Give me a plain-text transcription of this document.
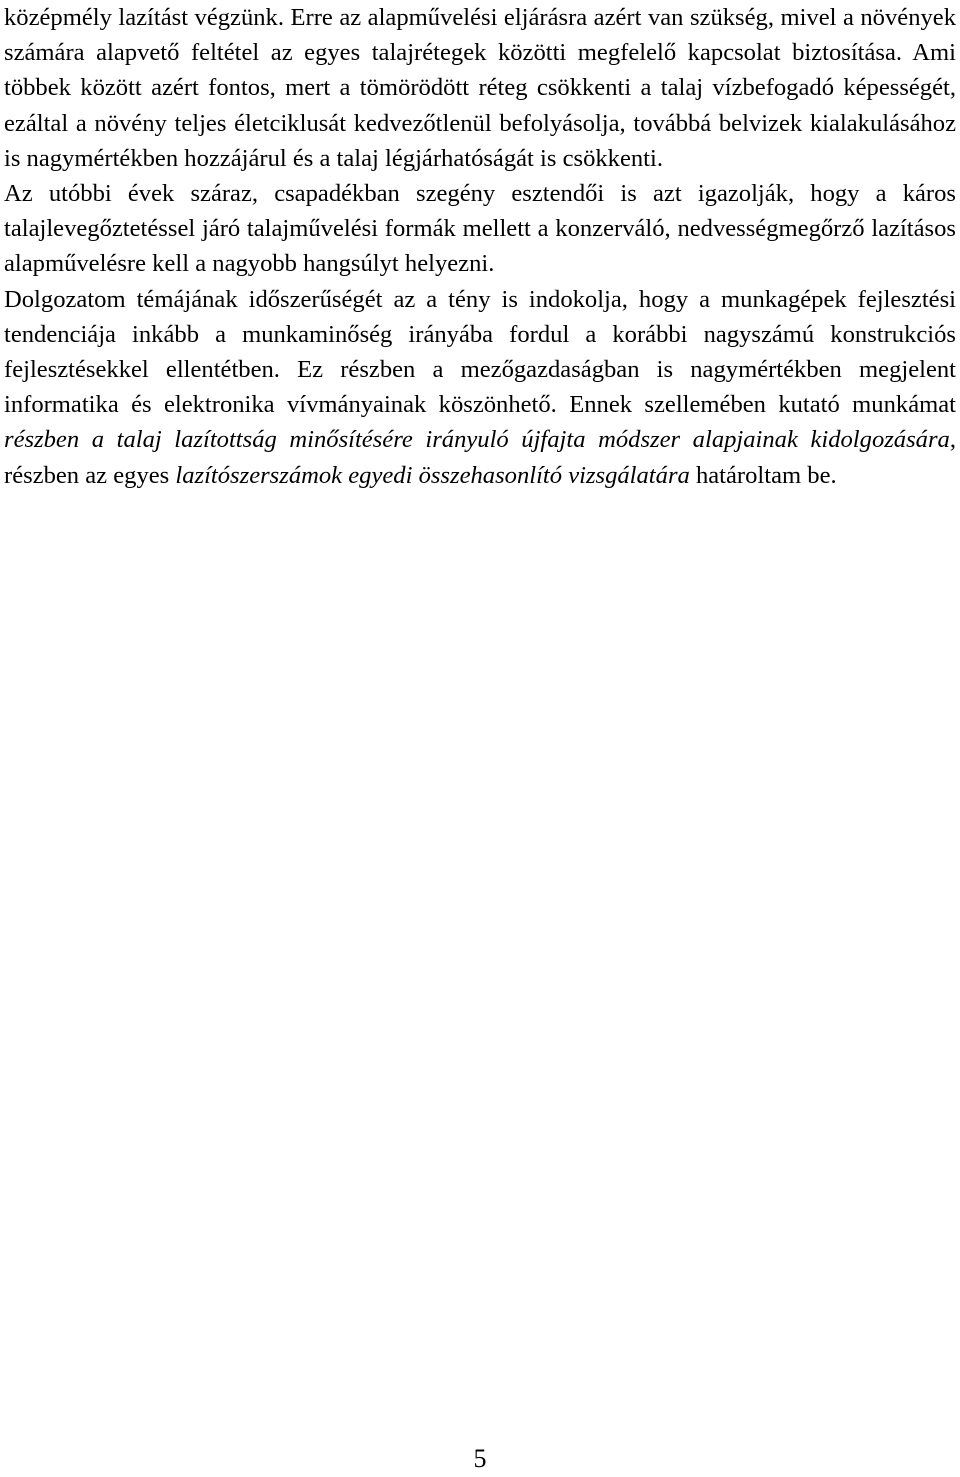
középmély lazítást végzünk. Erre az alapművelési eljárásra azért van szükség, mivel a növények számára alapvető feltétel az egyes talajrétegek közötti megfelelő kapcsolat biztosítása. Ami többek között azért fontos, mert a tömörödött réteg csökkenti a talaj vízbefogadó képességét, ezáltal a növény teljes életciklusát kedvezőtlenül befolyásolja, továbbá belvizek kialakulásához is nagymértékben hozzájárul és a talaj légjárhatóságát is csökkenti.

Az utóbbi évek száraz, csapadékban szegény esztendői is azt igazolják, hogy a káros talajlevegőztetéssel járó talajművelési formák mellett a konzerváló, nedvességmegőrző lazításos alapművelésre kell a nagyobb hangsúlyt helyezni.

Dolgozatom témájának időszerűségét az a tény is indokolja, hogy a munkagépek fejlesztési tendenciája inkább a munkaminőség irányába fordul a korábbi nagyszámú konstrukciós fejlesztésekkel ellentétben. Ez részben a mezőgazdaságban is nagymértékben megjelent informatika és elektronika vívmányainak köszönhető. Ennek szellemében kutató munkámat részben a talaj lazítottság minősítésére irányuló újfajta módszer alapjainak kidolgozására, részben az egyes lazítószerszámok egyedi összehasonlító vizsgálatára határoltam be.

5
